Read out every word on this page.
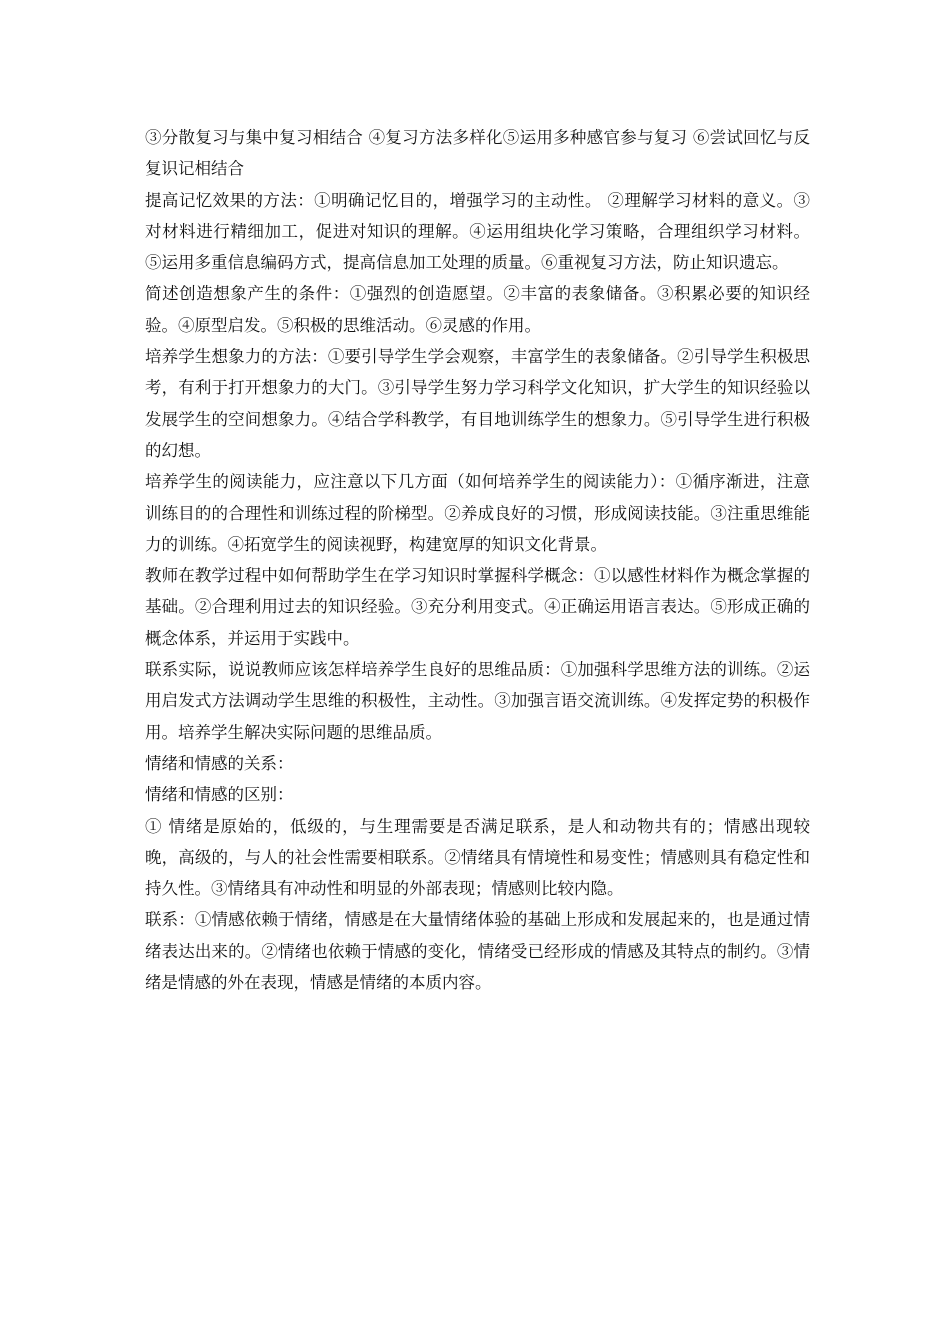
③分散复习与集中复习相结合 ④复习方法多样化⑤运用多种感官参与复习 ⑥尝试回忆与反复识记相结合

提高记忆效果的方法：①明确记忆目的，增强学习的主动性。 ②理解学习材料的意义。③对材料进行精细加工，促进对知识的理解。④运用组块化学习策略，合理组织学习材料。 ⑤运用多重信息编码方式，提高信息加工处理的质量。⑥重视复习方法，防止知识遗忘。

简述创造想象产生的条件：①强烈的创造愿望。②丰富的表象储备。③积累必要的知识经验。④原型启发。⑤积极的思维活动。⑥灵感的作用。

培养学生想象力的方法：①要引导学生学会观察，丰富学生的表象储备。②引导学生积极思考，有利于打开想象力的大门。③引导学生努力学习科学文化知识，扩大学生的知识经验以发展学生的空间想象力。④结合学科教学，有目地训练学生的想象力。⑤引导学生进行积极的幻想。

培养学生的阅读能力，应注意以下几方面（如何培养学生的阅读能力）：①循序渐进，注意训练目的的合理性和训练过程的阶梯型。②养成良好的习惯，形成阅读技能。③注重思维能力的训练。④拓宽学生的阅读视野，构建宽厚的知识文化背景。

教师在教学过程中如何帮助学生在学习知识时掌握科学概念：①以感性材料作为概念掌握的基础。②合理利用过去的知识经验。③充分利用变式。④正确运用语言表达。⑤形成正确的概念体系，并运用于实践中。

联系实际，说说教师应该怎样培养学生良好的思维品质：①加强科学思维方法的训练。②运用启发式方法调动学生思维的积极性，主动性。③加强言语交流训练。④发挥定势的积极作用。培养学生解决实际问题的思维品质。

情绪和情感的关系：

情绪和情感的区别：

① 情绪是原始的，低级的，与生理需要是否满足联系，是人和动物共有的；情感出现较晚，高级的，与人的社会性需要相联系。②情绪具有情境性和易变性；情感则具有稳定性和持久性。③情绪具有冲动性和明显的外部表现；情感则比较内隐。

联系：①情感依赖于情绪，情感是在大量情绪体验的基础上形成和发展起来的，也是通过情绪表达出来的。②情绪也依赖于情感的变化，情绪受已经形成的情感及其特点的制约。③情绪是情感的外在表现，情感是情绪的本质内容。
